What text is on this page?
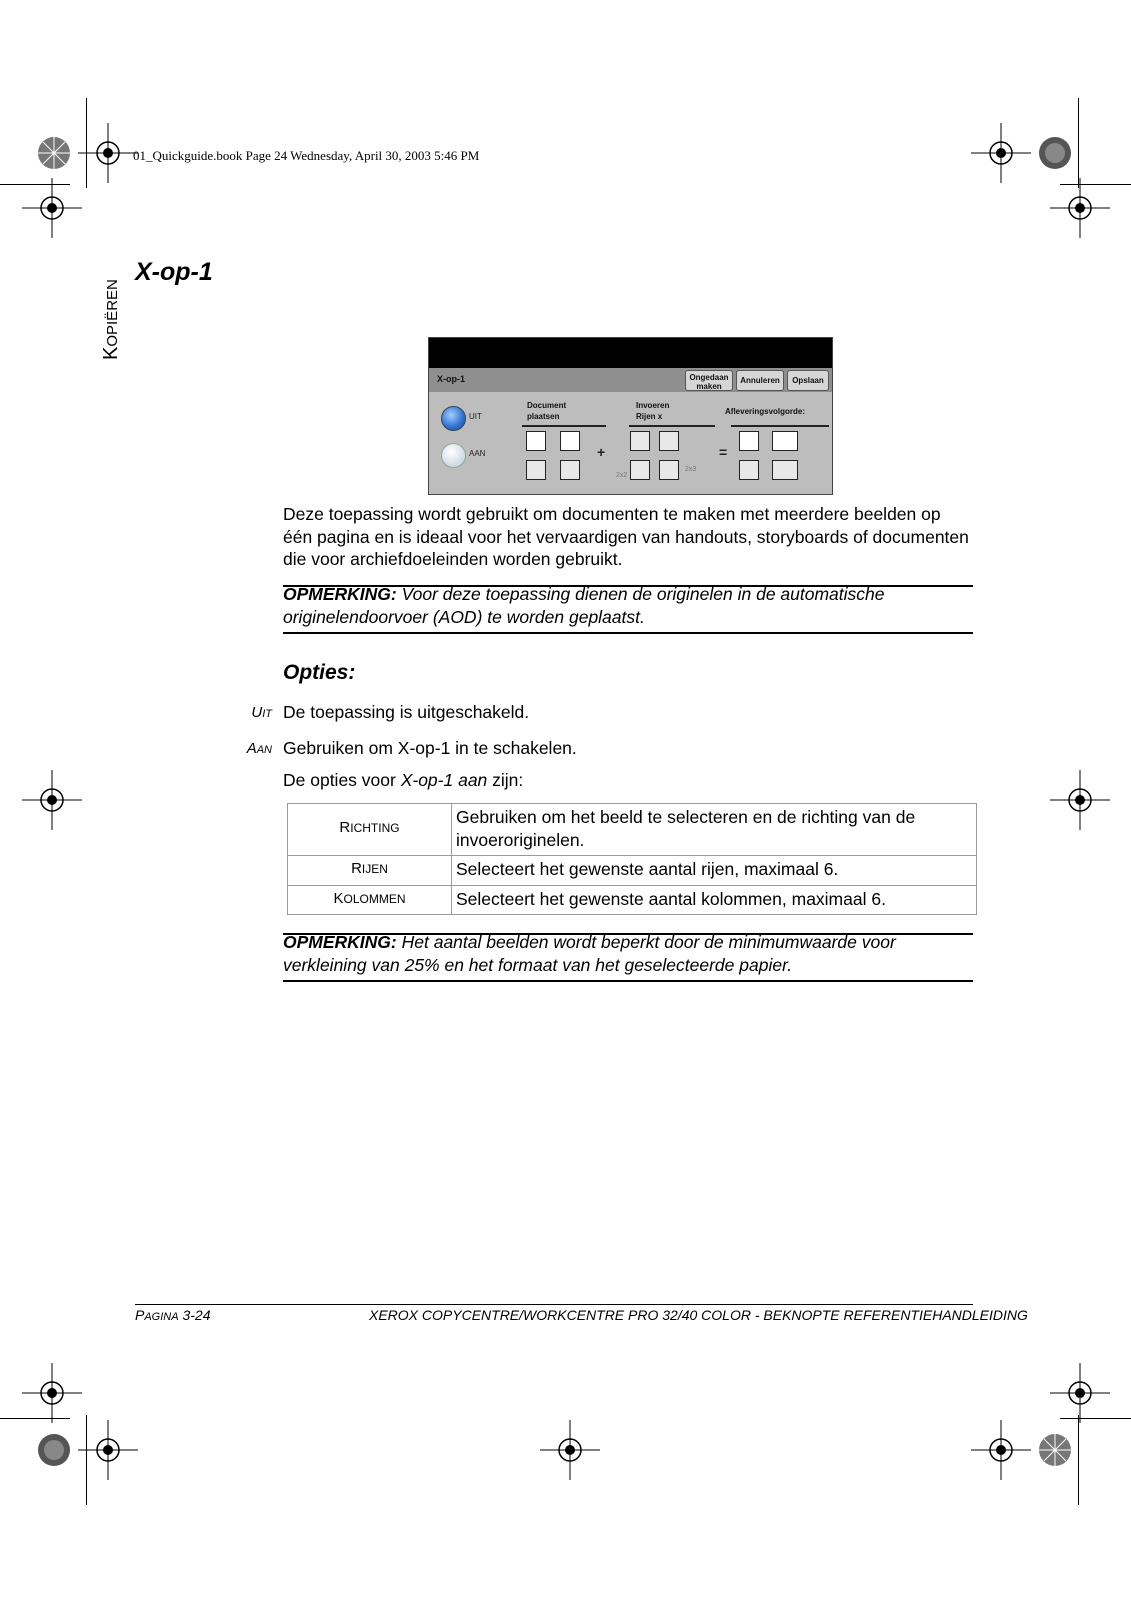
01_Quickguide.book Page 24 Wednesday, April 30, 2003 5:46 PM
KOPIËREN
X-op-1
X-op-1	Ongedaan
maken
Annuleren	Opslaan
UIT
AAN
Document
plaatsen
Invoeren
Rijen x
Afleveringsvolgorde:
+
2x2
2x3
=
Deze toepassing wordt gebruikt om documenten te maken met meerdere beelden op één pagina en is ideaal voor het vervaardigen van handouts, storyboards of documenten die voor archiefdoeleinden worden gebruikt.
OPMERKING: Voor deze toepassing dienen de originelen in de automatische originelendoorvoer (AOD) te worden geplaatst.
Opties:
UIT De toepassing is uitgeschakeld.
AAN Gebruiken om X-op-1 in te schakelen.
De opties voor X-op-1 aan zijn:
RICHTING	Gebruiken om het beeld te selecteren en de richting van de invoeroriginelen.
RIJEN	Selecteert het gewenste aantal rijen, maximaal 6.
KOLOMMEN	Selecteert het gewenste aantal kolommen, maximaal 6.
OPMERKING: Het aantal beelden wordt beperkt door de minimumwaarde voor verkleining van 25% en het formaat van het geselecteerde papier.
PAGINA 3-24	XEROX COPYCENTRE/WORKCENTRE PRO 32/40 COLOR - BEKNOPTE REFERENTIEHANDLEIDING
